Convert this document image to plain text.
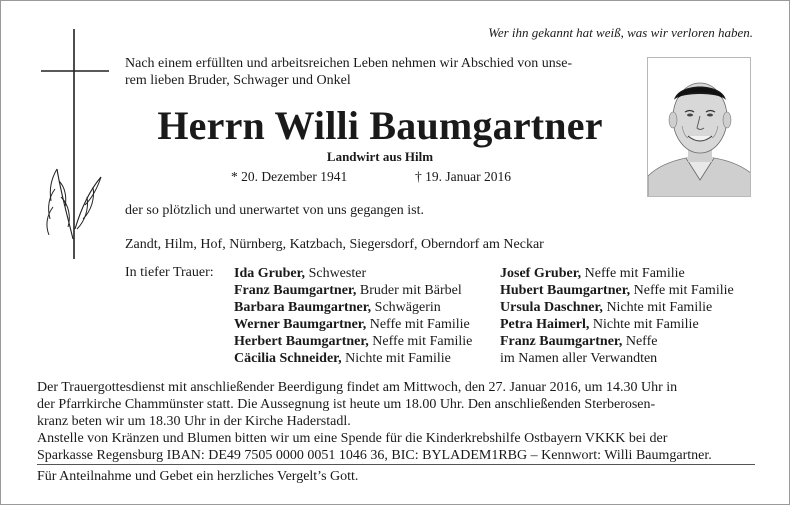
Wer ihn gekannt hat weiß, was wir verloren haben.
Nach einem erfüllten und arbeitsreichen Leben nehmen wir Abschied von unse-
rem lieben Bruder, Schwager und Onkel
Herrn Willi Baumgartner
Landwirt aus Hilm
* 20. Dezember 1941	† 19. Januar 2016
der so plötzlich und unerwartet von uns gegangen ist.
Zandt, Hilm, Hof, Nürnberg, Katzbach, Siegersdorf, Oberndorf am Neckar
In tiefer Trauer: Ida Gruber, Schwester
Franz Baumgartner, Bruder mit Bärbel
Barbara Baumgartner, Schwägerin
Werner Baumgartner, Neffe mit Familie
Herbert Baumgartner, Neffe mit Familie
Cäcilia Schneider, Nichte mit Familie
Josef Gruber, Neffe mit Familie
Hubert Baumgartner, Neffe mit Familie
Ursula Daschner, Nichte mit Familie
Petra Haimerl, Nichte mit Familie
Franz Baumgartner, Neffe
im Namen aller Verwandten
Der Trauergottesdienst mit anschließender Beerdigung findet am Mittwoch, den 27. Januar 2016, um 14.30 Uhr in
der Pfarrkirche Chammünster statt. Die Aussegnung ist heute um 18.00 Uhr. Den anschließenden Sterberosen-
kranz beten wir um 18.30 Uhr in der Kirche Haderstadl.
Anstelle von Kränzen und Blumen bitten wir um eine Spende für die Kinderkrebshilfe Ostbayern VKKK bei der
Sparkasse Regensburg IBAN: DE49 7505 0000 0051 1046 36, BIC: BYLADEM1RBG – Kennwort: Willi Baumgartner.
Für Anteilnahme und Gebet ein herzliches Vergelt’s Gott.
